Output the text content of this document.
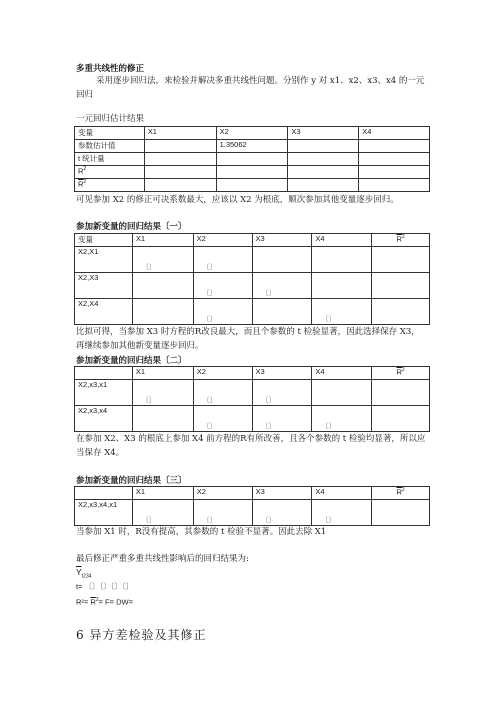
多重共线性的修正
采用逐步回归法，来检验并解决多重共线性问题。分别作 y 对 x1、x2、x3、x4 的一元
回归
一元回归估计结果
变量	X1	X2	X3	X4
参数估计值		1.35062		
t 统计量				
$R^2$				
$\overline{R}^2$				
可见参加 X2 的修正可决系数最大，应该以 X2 为根底，顺次参加其他变量逐步回归。
参加新变量的回归结果〔一〕
变量	X1	X2	X3	X4	$\overline{R}^2$
X2,X1	〔〕	〔〕			

X2,X3		〔〕	〔〕		

X2,X4		〔〕		〔〕	

比拟可得，当参加 X3 时方程的R改良最大，而且个参数的 t 检验显著，因此选择保存 X3，
再继续参加其他新变量逐步回归。
参加新变量的回归结果〔二〕
	X1	X2	X3	X4	$\overline{R}^2$
X2,x3,x1	〔〕	〔〕	〔〕		

X2,x3,x4		〔〕	〔〕	〔〕	

在参加 X2、X3 的根底上参加 X4 前方程的R有所改善，且各个参数的 t 检验均显著，所以应
当保存 X4。
参加新变量的回归结果〔三〕
	X1	X2	X3	X4	$\overline{R}^2$
X2,x3,x4,x1	〔〕	〔〕	〔〕	〔〕	

当参加 X1 时，R没有提高，其参数的 t 检验不显著。因此去除 X1
最后修正严重多重共线性影响后的回归结果为:
$\overline{Y}_{t234}$
t= 〔〕〔〕〔〕〔〕
$R^2= \overline{R}^2= F= DW=$
6 异方差检验及其修正
